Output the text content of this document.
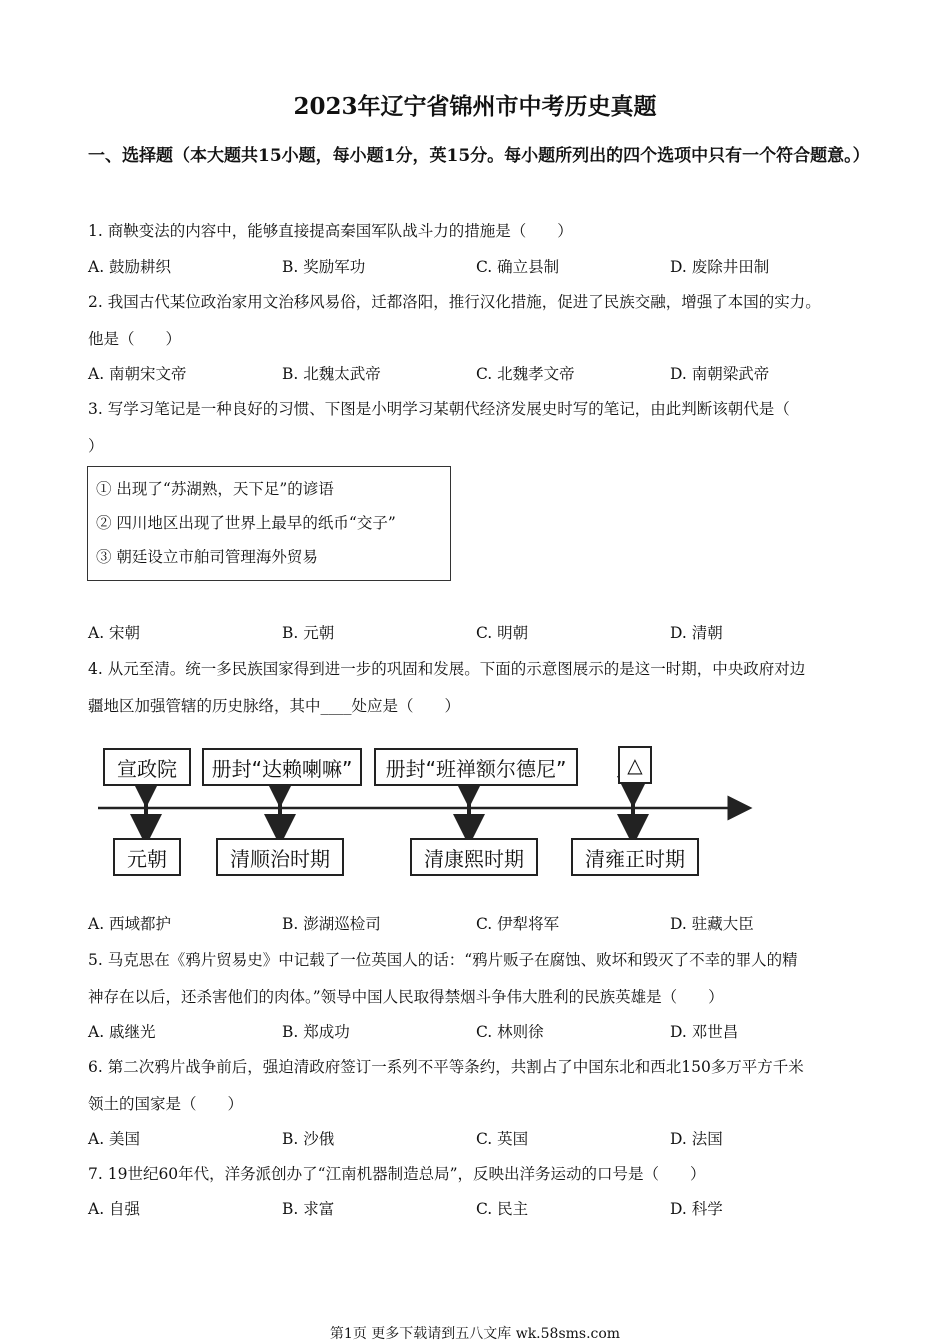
2023年辽宁省锦州市中考历史真题
一、选择题（本大题共15小题，每小题1分，英15分。每小题所列出的四个选项中只有一个符合题意。）
1. 商鞅变法的内容中，能够直接提高秦国军队战斗力的措施是（　　）
A. 鼓励耕织	B. 奖励军功	C. 确立县制	D. 废除井田制
2. 我国古代某位政治家用文治移风易俗，迁都洛阳，推行汉化措施，促进了民族交融，增强了本国的实力。
他是（　　）
A. 南朝宋文帝	B. 北魏太武帝	C. 北魏孝文帝	D. 南朝梁武帝
3. 写学习笔记是一种良好的习惯、下图是小明学习某朝代经济发展史时写的笔记，由此判断该朝代是（
）
① 出现了“苏湖熟，天下足”的谚语
② 四川地区出现了世界上最早的纸币“交子”
③ 朝廷设立市舶司管理海外贸易
A. 宋朝	B. 元朝	C. 明朝	D. 清朝
4. 从元至清。统一多民族国家得到进一步的巩固和发展。下面的示意图展示的是这一时期，中央政府对边
疆地区加强管辖的历史脉络，其中____处应是（　　）
宣政院	册封“达赖喇嘛”	册封“班禅额尔德尼”	△
元朝	清顺治时期	清康熙时期	清雍正时期
A. 西域都护	B. 澎湖巡检司	C. 伊犁将军	D. 驻藏大臣
5. 马克思在《鸦片贸易史》中记载了一位英国人的话：“鸦片贩子在腐蚀、败坏和毁灭了不幸的罪人的精
神存在以后，还杀害他们的肉体。”领导中国人民取得禁烟斗争伟大胜利的民族英雄是（　　）
A. 戚继光	B. 郑成功	C. 林则徐	D. 邓世昌
6. 第二次鸦片战争前后，强迫清政府签订一系列不平等条约，共割占了中国东北和西北150多万平方千米
领土的国家是（　　）
A. 美国	B. 沙俄	C. 英国	D. 法国
7. 19世纪60年代，洋务派创办了“江南机器制造总局”，反映出洋务运动的口号是（　　）
A. 自强	B. 求富	C. 民主	D. 科学
第1页 更多下载请到五八文库 wk.58sms.com
